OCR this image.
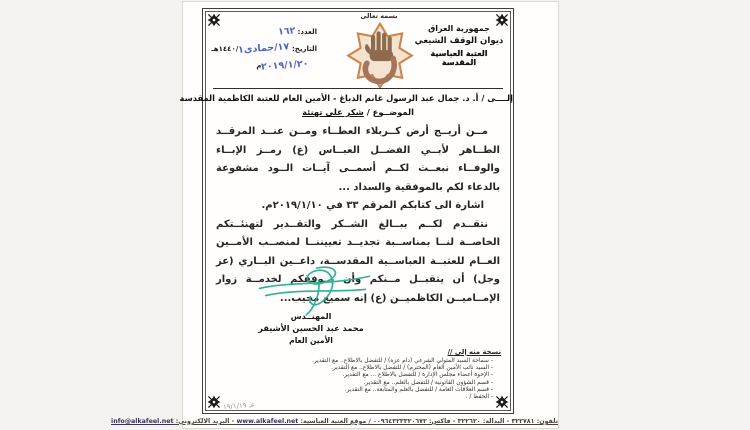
بسمه تعالى
جمهورية العراق
ديوان الوقف الشيعي
العتبة العباسية المقدسة
العدد: ١٦٢
التاريخ: ١٧/جمادى١/١٤٤٠هـ
٢٠١٩/١/٢٠م
إلــــى / أ. د. جمال عبد الرسول غانم الدباغ - الأمين العام للعتبة الكاظمية المقدسة
الموضــوع / شكر على تهنئة

مــن أريــج أرض كــربلاء العطــاء ومــن عنــد المرقــد الطــاهر لأبــي الفضــل العبــاس (ع) رمــز الإبــاء والوفــاء نبعــث لكــم أسمــى آيــات الــود مشفوعة بالدعاء لكم بالموفقية والسداد ...

اشارة الى كتابكم المرقم ٣٣ في ٢٠١٩/١/١٠م.

نتقــدم لكــم ببــالغ الشــكر والتقــدير لتهنئــتكم الخاصــة لنــا بمناســبة تجديــد تعييننــا لمنصــب الأمــين العــام للعتبــة العباســية المقدســة، داعــين البــاري (عز وجل) أن يتقبــل مــنكم وأن يــوفقكم لخدمــة زوار الإمــاميــن الكاظميــن (ع) إنه سميع مجيب...

المهنــدس
محمد عبد الحسين الأشيقر
الأمين العام
نسخة منه إلى //
- سماحة السيد المتولي الشرعي (دام عزه) / للتفضل بالاطلاع.. مع التقدير.
- السيد نائب الأمين العام (المحترم) / للتفضل بالاطلاع.. مع التقدير.
- الإخوة أعضاء مجلس الإدارة / للتفضل بالاطلاع ... مع التقدير.
- قسم الشؤون القانونية / للتفضل بالعلم.. مع التقدير.
- قسم العلاقات العامة / للتفضل بالعلم والمتابعة.. مع التقدير.
- الحفظ / .
عـ ١٩/١/١٩
تلفون: ٣٢٢٧٨١ - البدالة: ٣٢٢٦٢٠ - فاكس: ٠٠٩٦٤٣٢٣٣٢٠٦٧٢ / موقع العتبة العباسية: www.alkafeel.net - البريد الالكتروني: info@alkafeel.net
